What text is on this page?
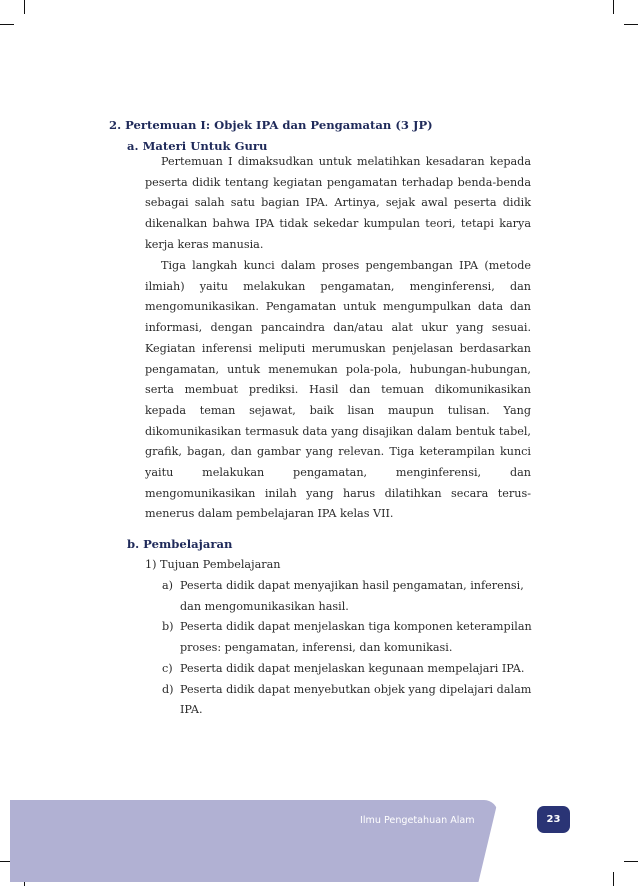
2. Pertemuan I: Objek IPA dan Pengamatan (3 JP)
a. Materi Untuk Guru

Pertemuan I dimaksudkan untuk melatihkan kesadaran kepada peserta didik tentang kegiatan pengamatan terhadap benda-benda sebagai salah satu bagian IPA. Artinya, sejak awal peserta didik dikenalkan bahwa IPA tidak sekedar kumpulan teori, tetapi karya kerja keras manusia.

Tiga langkah kunci dalam proses pengembangan IPA (metode ilmiah) yaitu melakukan pengamatan, menginferensi, dan mengomunikasikan. Pengamatan untuk mengumpulkan data dan informasi, dengan pancaindra dan/atau alat ukur yang sesuai. Kegiatan inferensi meliputi merumuskan penjelasan berdasarkan pengamatan, untuk menemukan pola-pola, hubungan-hubungan, serta membuat prediksi. Hasil dan temuan dikomunikasikan kepada teman sejawat, baik lisan maupun tulisan. Yang dikomunikasikan termasuk data yang disajikan dalam bentuk tabel, grafik, bagan, dan gambar yang relevan. Tiga keterampilan kunci yaitu melakukan pengamatan, menginferensi, dan mengomunikasikan inilah yang harus dilatihkan secara terus-menerus dalam pembelajaran IPA kelas VII.

b. Pembelajaran
1) Tujuan Pembelajaran
a) Peserta didik dapat menyajikan hasil pengamatan, inferensi, dan mengomunikasikan hasil.
b) Peserta didik dapat menjelaskan tiga komponen keterampilan proses: pengamatan, inferensi, dan komunikasi.
c) Peserta didik dapat menjelaskan kegunaan mempelajari IPA.
d) Peserta didik dapat menyebutkan objek yang dipelajari dalam IPA.
Ilmu Pengetahuan Alam	23
